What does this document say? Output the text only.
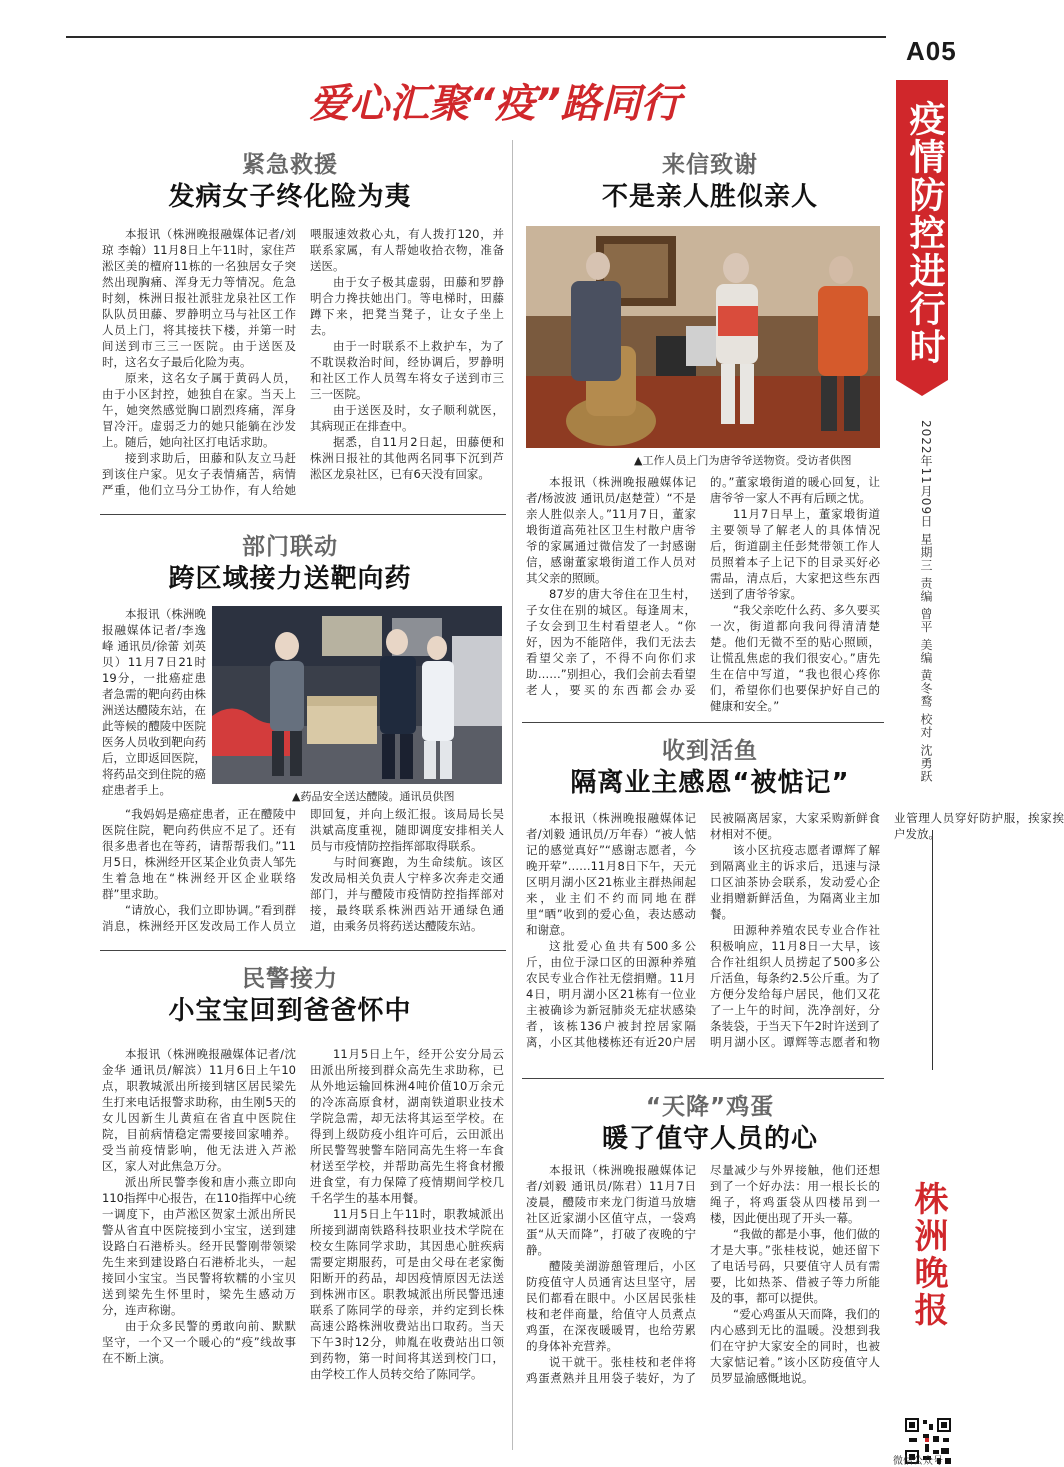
A05
爱心汇聚“疫”路同行	疫情防控进行时
2022年11月09日 星期三 责编 曾平 美编 黄冬鹜 校对 沈勇跃
株洲晚报
微信公众号
紧急救援
发病女子终化险为夷

本报讯（株洲晚报融媒体记者/刘琼 李翰）11月8日上午11时，家住芦淞区美的檀府11栋的一名独居女子突然出现胸痛、浑身无力等情况。危急时刻，株洲日报社派驻龙泉社区工作队队员田藤、罗静明立马与社区工作人员上门，将其接扶下楼，并第一时间送到市三三一医院。由于送医及时，这名女子最后化险为夷。

原来，这名女子属于黄码人员，由于小区封控，她独自在家。当天上午，她突然感觉胸口剧烈疼痛，浑身冒冷汗。虚弱乏力的她只能躺在沙发上。随后，她向社区打电话求助。

接到求助后，田藤和队友立马赶到该住户家。见女子表情痛苦，病情严重，他们立马分工协作，有人给她喂服速效救心丸，有人拨打120，并联系家属，有人帮她收拾衣物，准备送医。

由于女子极其虚弱，田藤和罗静明合力搀扶她出门。等电梯时，田藤蹲下来，把凳当凳子，让女子坐上去。

由于一时联系不上救护车，为了不耽误救治时间，经协调后，罗静明和社区工作人员驾车将女子送到市三三一医院。

由于送医及时，女子顺利就医，其病现正在排查中。

据悉，自11月2日起，田藤便和株洲日报社的其他两名同事下沉到芦淞区龙泉社区，已有6天没有回家。

部门联动
跨区域接力送靶向药
▲药品安全送达醴陵。通讯员供图

本报讯（株洲晚报融媒体记者/李逸峰 通讯员/徐蕾 刘英贝）11月7日21时19分，一批癌症患者急需的靶向药由株洲送达醴陵东站，在此等候的醴陵中医院医务人员收到靶向药后，立即返回医院，将药品交到住院的癌症患者手上。

“我妈妈是癌症患者，正在醴陵中医院住院，靶向药供应不足了。还有很多患者也在等药，请帮帮我们。”11月5日，株洲经开区某企业负责人邹先生着急地在“株洲经开区企业联络群”里求助。

“请放心，我们立即协调。”看到群消息，株洲经开区发改局工作人员立即回复，并向上级汇报。该局局长吴洪斌高度重视，随即调度安排相关人员与市疫情防控指挥部取得联系。

与时间赛跑，为生命续航。该区发改局相关负责人宁梓多次奔走交通部门，并与醴陵市疫情防控指挥部对接，最终联系株洲西站开通绿色通道，由乘务员将药送达醴陵东站。

民警接力
小宝宝回到爸爸怀中

本报讯（株洲晚报融媒体记者/沈金华 通讯员/解滨）11月6日上午10点，职教城派出所接到辖区居民梁先生打来电话报警求助称，由生刚5天的女儿因新生儿黄疸在省直中医院住院，目前病情稳定需要接回家哺养。受当前疫情影响，他无法进入芦淞区，家人对此焦急万分。

派出所民警李俊和唐小燕立即向110指挥中心报告，在110指挥中心统一调度下，由芦淞区贺家土派出所民警从省直中医院接到小宝宝，送到建设路白石港桥头。经开民警刚带领梁先生来到建设路白石港桥北头，一起接回小宝宝。当民警将软糯的小宝贝送到梁先生怀里时，梁先生感动万分，连声称谢。

由于众多民警的勇敢向前、默默坚守，一个又一个暖心的“疫”线故事在不断上演。

11月5日上午，经开公安分局云田派出所接到群众高先生求助称，已从外地运输回株洲4吨价值10万余元的冷冻高原食材，湖南铁道职业技术学院急需，却无法将其运至学校。在得到上级防疫小组许可后，云田派出所民警驾驶警车陪同高先生将一车食材送至学校，并帮助高先生将食材搬进食堂，有力保障了疫情期间学校几千名学生的基本用餐。

11月5日上午11时，职教城派出所接到湖南铁路科技职业技术学院在校女生陈同学求助，其因患心脏疾病需要定期服药，可是由父母在老家衡阳断开的药品，却因疫情原因无法送到株洲市区。职教城派出所民警迅速联系了陈同学的母亲，并约定到长株高速公路株洲收费站出口取药。当天下午3时12分，帅胤在收费站出口领到药物，第一时间将其送到校门口，由学校工作人员转交给了陈同学。

来信致谢
不是亲人胜似亲人
▲工作人员上门为唐爷爷送物资。受访者供图

本报讯（株洲晚报融媒体记者/杨波波 通讯员/赵楚萱）“不是亲人胜似亲人。”11月7日，董家塅街道高苑社区卫生村散户唐爷爷的家属通过微信发了一封感谢信，感谢董家塅街道工作人员对其父亲的照顾。

87岁的唐大爷住在卫生村，子女住在别的城区。每逢周末，子女会到卫生村看望老人。“你好，因为不能陪伴，我们无法去看望父亲了，不得不向你们求助……”别担心，我们会前去看望老人，要买的东西都会办妥的。”董家塅街道的暖心回复，让唐爷爷一家人不再有后顾之忧。

11月7日早上，董家塅街道主要领导了解老人的具体情况后，街道副主任彭梵带领工作人员照着本子上记下的目录买好必需品，清点后，大家把这些东西送到了唐爷爷家。

“我父亲吃什么药、多久要买一次，街道都向我问得清清楚楚。他们无微不至的贴心照顾，让慌乱焦虑的我们很安心。”唐先生在信中写道，“我也很心疼你们，希望你们也要保护好自己的健康和安全。”

收到活鱼
隔离业主感恩“被惦记”

本报讯（株洲晚报融媒体记者/刘毅 通讯员/万年春）“被人惦记的感觉真好”“感谢志愿者，今晚开荤”……11月8日下午，天元区明月湖小区21栋业主群热闹起来，业主们不约而同地在群里“晒”收到的爱心鱼，表达感动和谢意。

这批爱心鱼共有500多公斤，由位于渌口区的田源种养殖农民专业合作社无偿捐赠。11月4日，明月湖小区21栋有一位业主被确诊为新冠肺炎无症状感染者，该栋136户被封控居家隔离，小区其他楼栋还有近20户居民被隔离居家，大家采购新鲜食材相对不便。

该小区抗疫志愿者谭辉了解到隔离业主的诉求后，迅速与渌口区油茶协会联系，发动爱心企业捐赠新鲜活鱼，为隔离业主加餐。

田源种养殖农民专业合作社积极响应，11月8日一大早，该合作社组织人员捞起了500多公斤活鱼，每条约2.5公斤重。为了方便分发给每户居民，他们又花了一上午的时间，洗净剖好，分条装袋，于当天下午2时许送到了明月湖小区。谭辉等志愿者和物业管理人员穿好防护服，挨家挨户发放。

“天降”鸡蛋
暖了值守人员的心

本报讯（株洲晚报融媒体记者/刘毅 通讯员/陈君）11月7日凌晨，醴陵市来龙门街道马放塘社区近家湖小区值守点，一袋鸡蛋“从天而降”，打破了夜晚的宁静。

醴陵美湖游憩管理后，小区防疫值守人员通宵达旦坚守，居民们都看在眼中。小区居民张桂枝和老伴商量，给值守人员煮点鸡蛋，在深夜暖暖胃，也给劳累的身体补充营养。

说干就干。张桂枝和老伴将鸡蛋煮熟并且用袋子装好，为了尽量减少与外界接触，他们还想到了一个好办法：用一根长长的绳子，将鸡蛋袋从四楼吊到一楼，因此便出现了开头一幕。

“我做的都是小事，他们做的才是大事。”张桂枝说，她还留下了电话号码，只要值守人员有需要，比如热茶、借被子等力所能及的事，都可以提供。

“爱心鸡蛋从天而降，我们的内心感到无比的温暖。没想到我们在守护大家安全的同时，也被大家惦记着。”该小区防疫值守人员罗显渝感慨地说。
